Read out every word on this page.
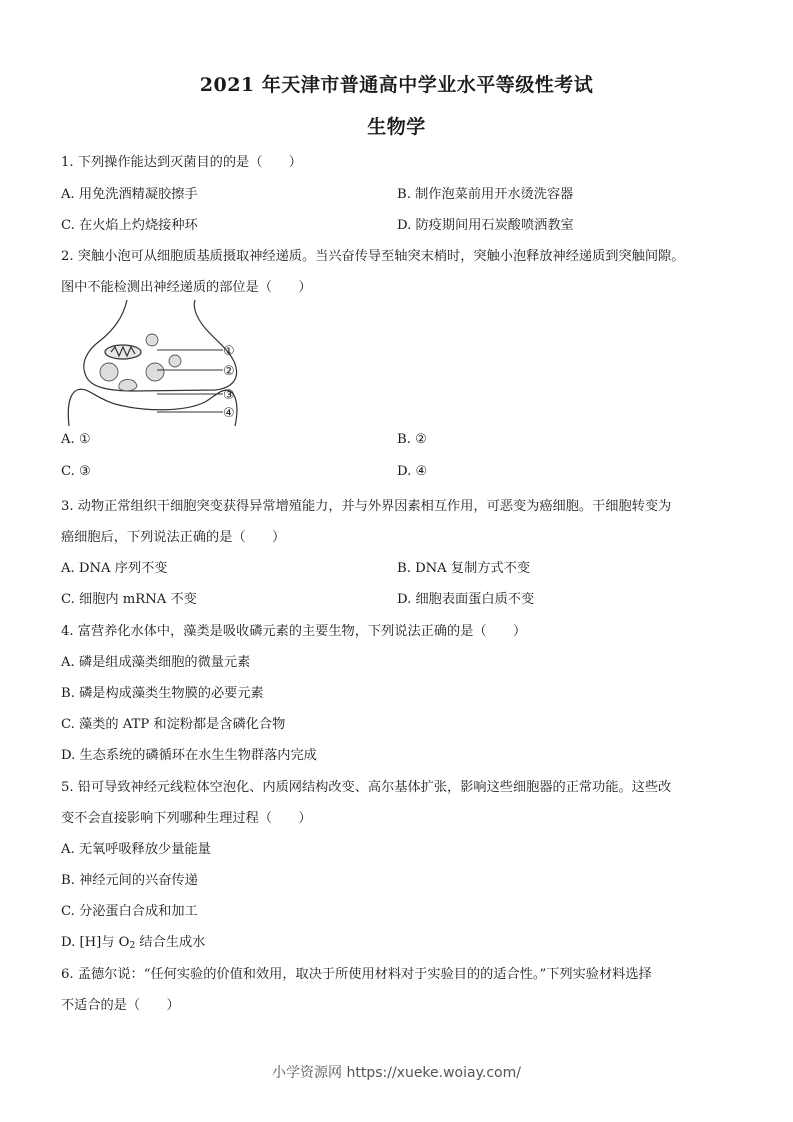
2021 年天津市普通高中学业水平等级性考试
生物学
1. 下列操作能达到灭菌目的的是（　　）
A. 用免洗酒精凝胶擦手	B. 制作泡菜前用开水烫洗容器
C. 在火焰上灼烧接种环	D. 防疫期间用石炭酸喷洒教室
2. 突触小泡可从细胞质基质摄取神经递质。当兴奋传导至轴突末梢时，突触小泡释放神经递质到突触间隙。
图中不能检测出神经递质的部位是（　　）
①
②
③
④
A. ①	B. ②
C. ③	D. ④
3. 动物正常组织干细胞突变获得异常增殖能力，并与外界因素相互作用，可恶变为癌细胞。干细胞转变为
癌细胞后，下列说法正确的是（　　）
A. DNA 序列不变	B. DNA 复制方式不变
C. 细胞内 mRNA 不变	D. 细胞表面蛋白质不变
4. 富营养化水体中，藻类是吸收磷元素的主要生物，下列说法正确的是（　　）
A. 磷是组成藻类细胞的微量元素
B. 磷是构成藻类生物膜的必要元素
C. 藻类的 ATP 和淀粉都是含磷化合物
D. 生态系统的磷循环在水生生物群落内完成
5. 铅可导致神经元线粒体空泡化、内质网结构改变、高尔基体扩张，影响这些细胞器的正常功能。这些改
变不会直接影响下列哪种生理过程（　　）
A. 无氧呼吸释放少量能量
B. 神经元间的兴奋传递
C. 分泌蛋白合成和加工
D. [H]与 $O_2$ 结合生成水
6. 孟德尔说：“任何实验的价值和效用，取决于所使用材料对于实验目的的适合性。”下列实验材料选择
不适合的是（　　）
小学资源网 https://xueke.woiay.com/
